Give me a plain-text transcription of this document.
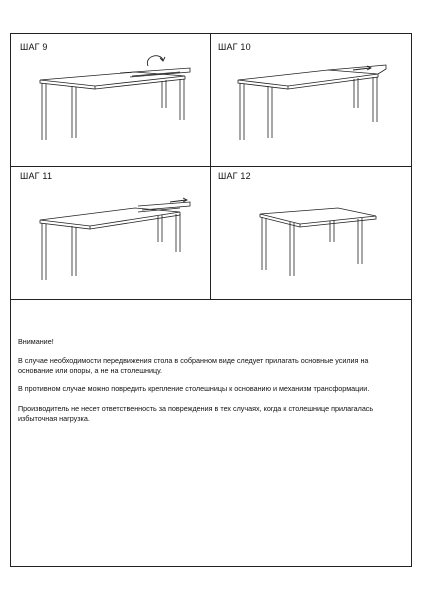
ШАГ 9	ШАГ 10
ШАГ 11	ШАГ 12
Внимание!
В случае необходимости передвижения стола в собранном виде следует прилагать основные усилия на основание или опоры, а не на столешницу.
В противном случае можно повредить крепление столешницы к основанию и механизм трансформации.
Производитель не несет ответственность за повреждения в тех случаях, когда к столешнице прилагалась избыточная нагрузка.
